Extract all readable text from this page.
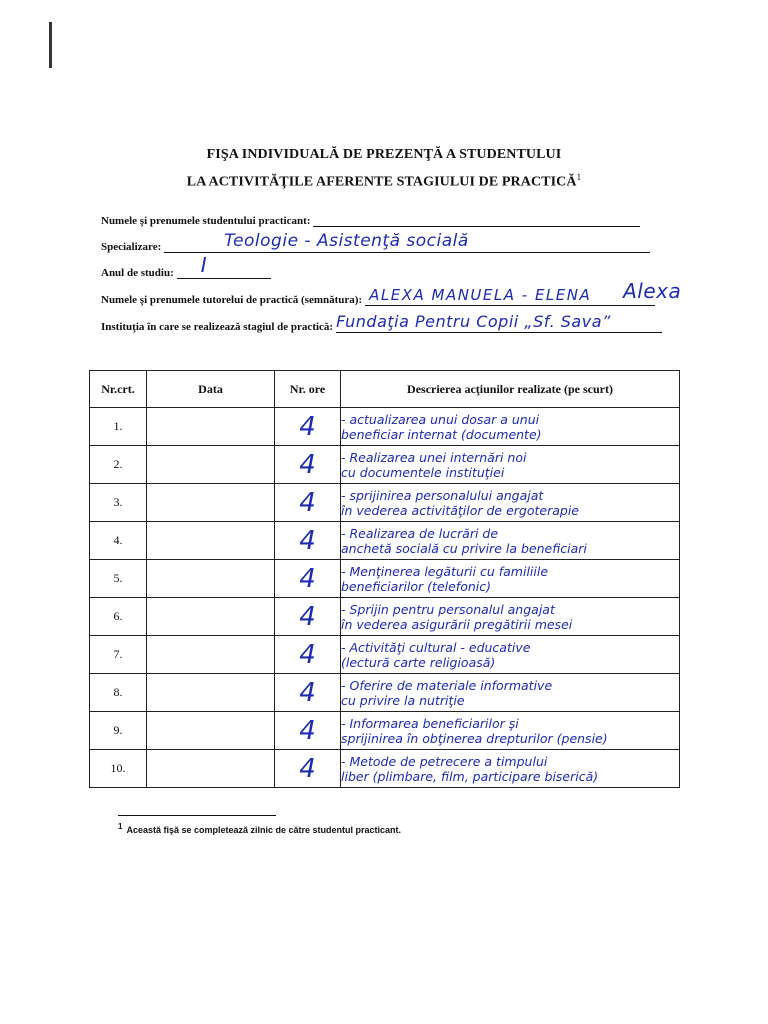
FIŞA INDIVIDUALĂ DE PREZENŢĂ A STUDENTULUI
LA ACTIVITĂŢILE AFERENTE STAGIULUI DE PRACTICĂ$^1$
Numele şi prenumele studentului practicant:
Specializare:	Teologie - Asistenţă socială
Anul de studiu: I
Numele şi prenumele tutorelui de practică (semnătura): ALEXA MANUELA - ELENA Alexa
Instituţia în care se realizează stagiul de practică: Fundaţia Pentru Copii „Sf. Sava”
Nr.crt.	Data	Nr. ore	Descrierea acţiunilor realizate (pe scurt)
1.		4	- actualizarea unui dosar a unui
beneficiar internat (documente)

2.		4	- Realizarea unei internări noi
cu documentele instituţiei

3.		4	- sprijinirea personalului angajat
în vederea activităţilor de ergoterapie

4.		4	- Realizarea de lucrări de
anchetă socială cu privire la beneficiari

5.		4	- Menţinerea legăturii cu familiile
beneficiarilor (telefonic)

6.		4	- Sprijin pentru personalul angajat
în vederea asigurării pregătirii mesei

7.		4	- Activităţi cultural - educative
(lectură carte religioasă)

8.		4	- Oferire de materiale informative
cu privire la nutriţie

9.		4	- Informarea beneficiarilor şi
sprijinirea în obţinerea drepturilor (pensie)

10.		4	- Metode de petrecere a timpului
liber (plimbare, film, participare biserică)
$^1$ Această fişă se completează zilnic de către studentul practicant.
